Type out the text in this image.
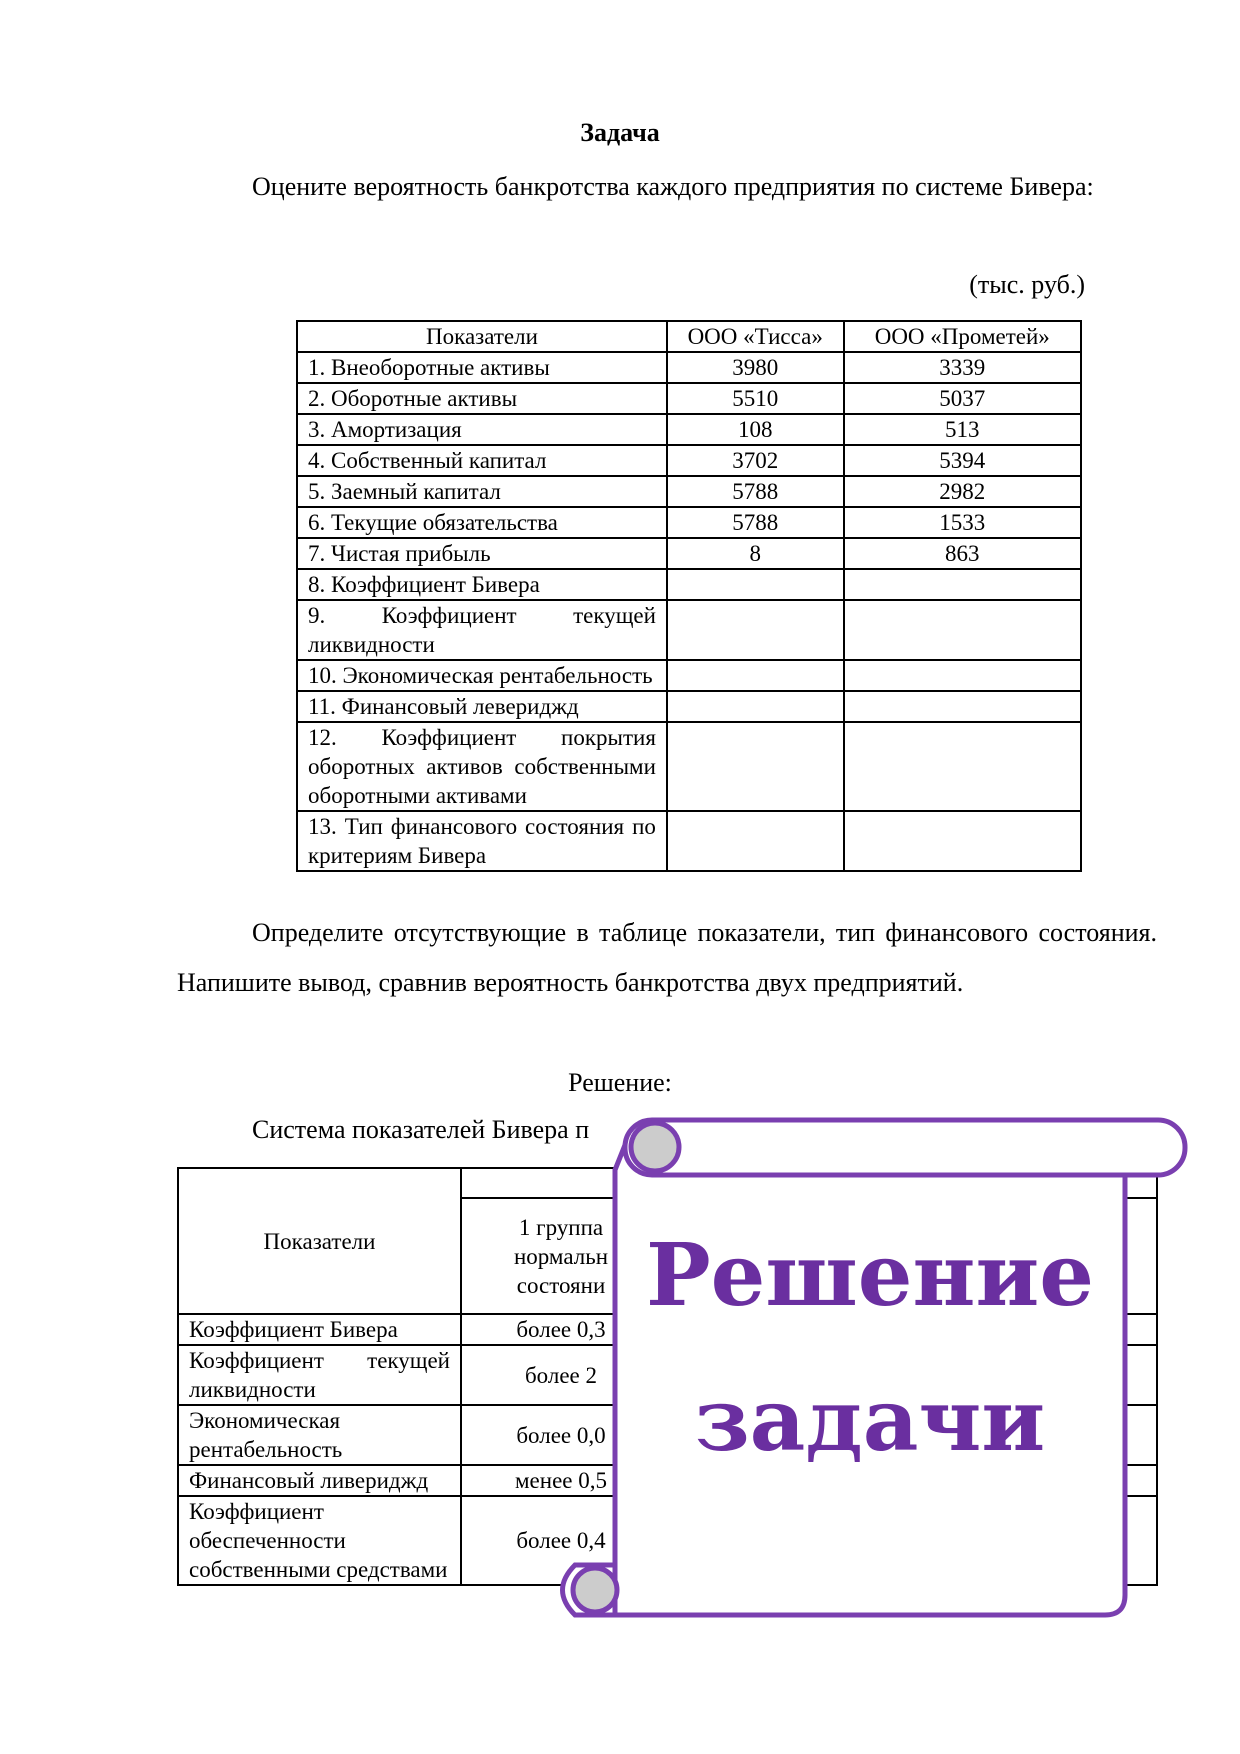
Задача
Оцените вероятность банкротства каждого предприятия по системе Бивера:
(тыс. руб.)
Показатели	ООО «Тисса»	ООО «Прометей»
1. Внеоборотные активы	3980	3339
2. Оборотные активы	5510	5037
3. Амортизация	108	513
4. Собственный капитал	3702	5394
5. Заемный капитал	5788	2982
6. Текущие обязательства	5788	1533
7. Чистая прибыль	8	863
8. Коэффициент Бивера		
9. Коэффициент текущей ликвидности		
10. Экономическая рентабельность		
11. Финансовый левериджд		
12. Коэффициент покрытия оборотных активов собственными оборотными активами		
13. Тип финансового состояния по критериям Бивера		
Определите отсутствующие в таблице показатели, тип финансового состояния. Напишите вывод, сравнив вероятность банкротства двух предприятий.
Решение:
Система показателей Бивера п
Показатели		
	1 группа нормальн состояни	
Коэффициент Бивера	более 0,3	
Коэффициент текущей ликвидности	более 2	
Экономическая рентабельность	более 0,0	
Финансовый ливериджд	менее 0,5	
Коэффициент обеспеченности собственными средствами	более 0,4	
Решение
задачи
